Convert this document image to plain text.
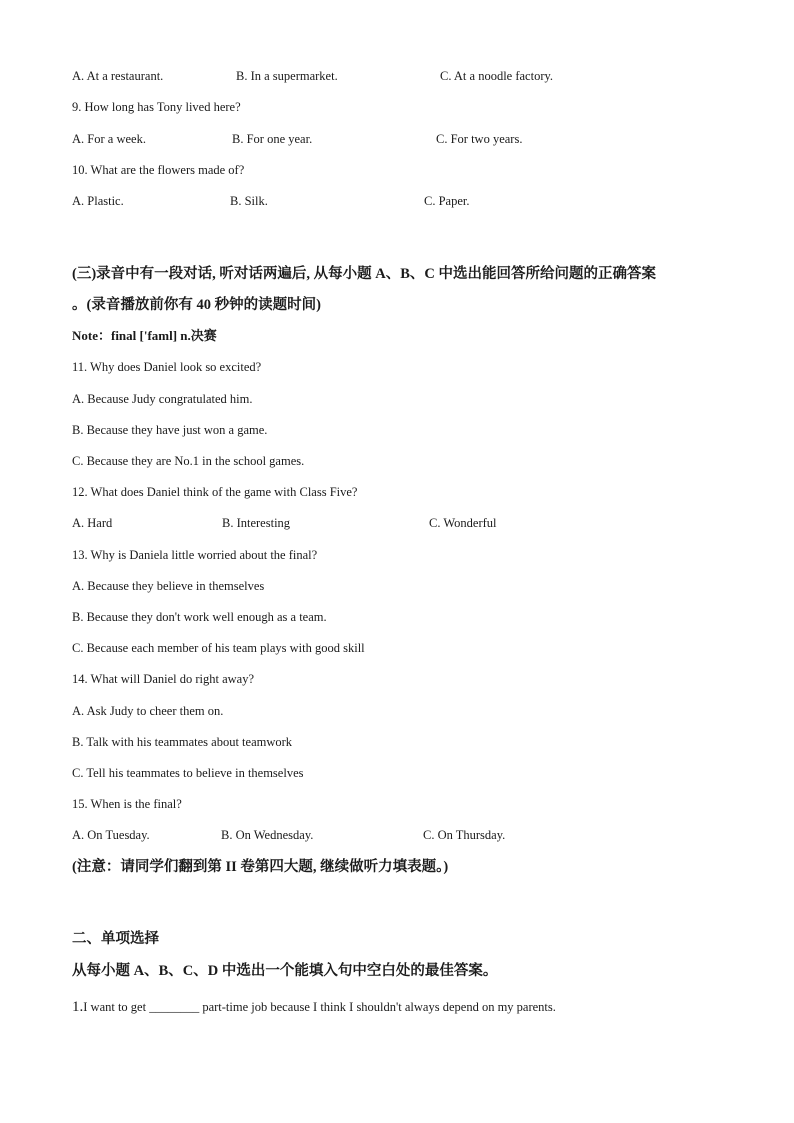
A. At a restaurant.	B. In a supermarket.	C. At a noodle factory.
9. How long has Tony lived here?
A. For a week.	B. For one year.	C. For two years.
10. What are the flowers made of?
A. Plastic.	B. Silk.	C. Paper.
(三)录音中有一段对话, 听对话两遍后, 从每小题 A、B、C 中选出能回答所给问题的正确答案
。(录音播放前你有 40 秒钟的读题时间)
Note：final ['faml] n.决赛
11. Why does Daniel look so excited?
A. Because Judy congratulated him.
B. Because they have just won a game.
C. Because they are No.1 in the school games.
12. What does Daniel think of the game with Class Five?
A. Hard	B. Interesting	C. Wonderful
13. Why is Daniela little worried about the final?
A. Because they believe in themselves
B. Because they don't work well enough as a team.
C. Because each member of his team plays with good skill
14. What will Daniel do right away?
A. Ask Judy to cheer them on.
B. Talk with his teammates about teamwork
C. Tell his teammates to believe in themselves
15. When is the final?
A. On Tuesday.	B. On Wednesday.	C. On Thursday.
(注意：请同学们翻到第 II 卷第四大题, 继续做听力填表题。)
二、单项选择
从每小题 A、B、C、D 中选出一个能填入句中空白处的最佳答案。
1.I want to get ________ part-time job because I think I shouldn't always depend on my parents.
